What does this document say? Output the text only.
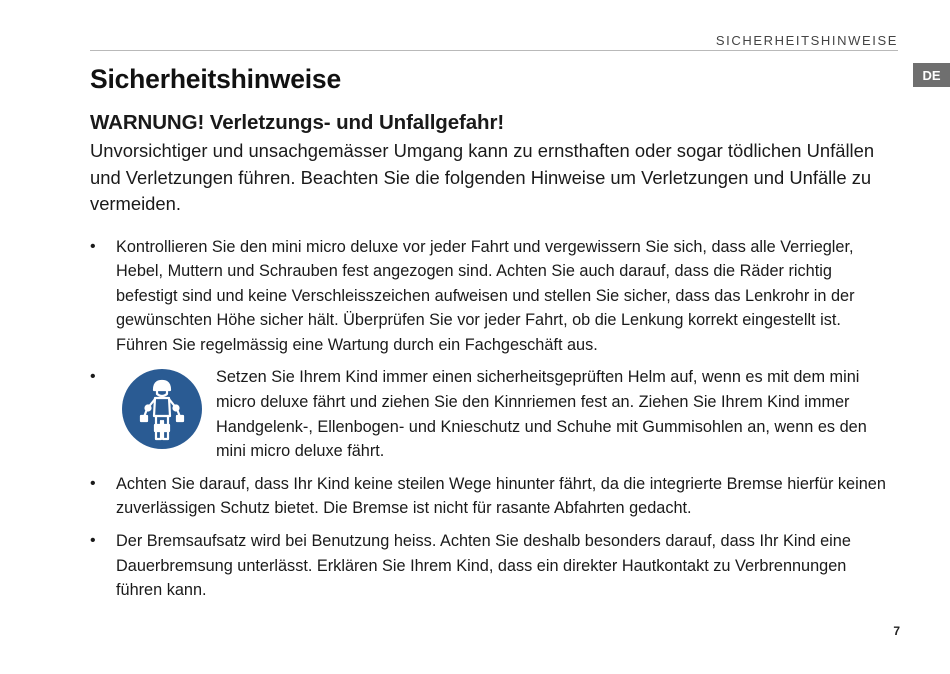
SICHERHEITSHINWEISE
DE
Sicherheitshinweise
WARNUNG! Verletzungs- und Unfallgefahr!
Unvorsichtiger und unsachgemässer Umgang kann zu ernsthaften oder sogar tödlichen Unfällen und Verletzungen führen. Beachten Sie die folgenden Hinweise um Verletzungen und Unfälle zu vermeiden.
• Kontrollieren Sie den mini micro deluxe vor jeder Fahrt und vergewissern Sie sich, dass alle Verriegler, Hebel, Muttern und Schrauben fest angezogen sind. Achten Sie auch darauf, dass die Räder richtig befestigt sind und keine Verschleisszeichen aufweisen und stellen Sie sicher, dass das Lenkrohr in der gewünschten Höhe sicher hält. Überprüfen Sie vor jeder Fahrt, ob die Lenkung korrekt eingestellt ist. Führen Sie regelmässig eine Wartung durch ein Fachgeschäft aus.
•	Setzen Sie Ihrem Kind immer einen sicherheitsgeprüften Helm auf, wenn es mit dem mini micro deluxe fährt und ziehen Sie den Kinnriemen fest an. Ziehen Sie Ihrem Kind immer Handgelenk-, Ellenbogen- und Knieschutz und Schuhe mit Gummisohlen an, wenn es den mini micro deluxe fährt.
• Achten Sie darauf, dass Ihr Kind keine steilen Wege hinunter fährt, da die integrierte Bremse hierfür keinen zuverlässigen Schutz bietet. Die Bremse ist nicht für rasante Abfahrten gedacht.
• Der Bremsaufsatz wird bei Benutzung heiss. Achten Sie deshalb besonders darauf, dass Ihr Kind eine Dauerbremsung unterlässt. Erklären Sie Ihrem Kind, dass ein direkter Hautkontakt zu Verbrennungen führen kann.
7
